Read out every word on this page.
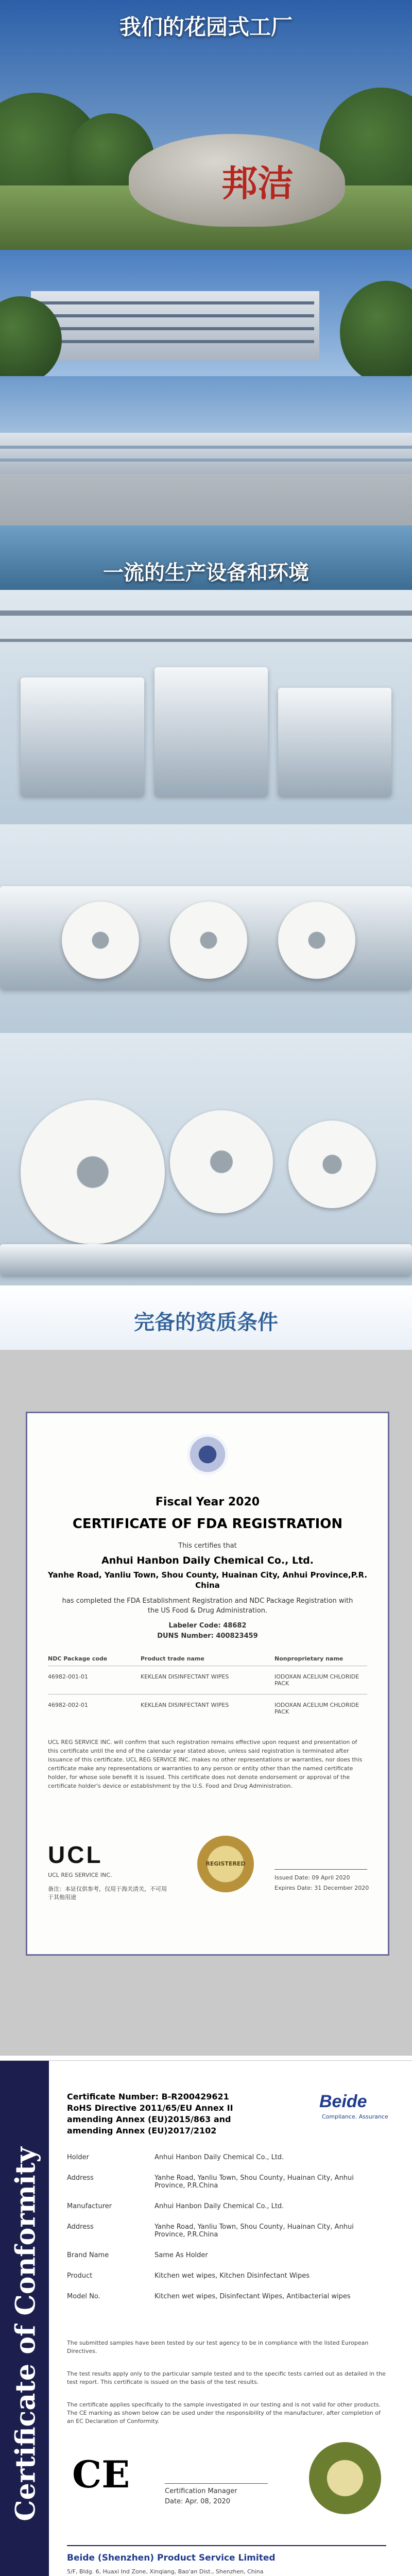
我们的花园式工厂
邦洁
一流的生产设备和环境
完备的资质条件
Fiscal Year 2020
CERTIFICATE OF FDA REGISTRATION
This certifies that
Anhui Hanbon Daily Chemical Co., Ltd.
Yanhe Road, Yanliu Town, Shou County, Huainan City, Anhui Province,P.R.
China
has completed the FDA Establishment Registration and NDC Package Registration with the US Food & Drug Administration.
Labeler Code: 48682
DUNS Number: 400823459
NDC Package code	Product trade name	Nonproprietary name
46982-001-01	KEKLEAN DISINFECTANT WIPES	IODOXAN ACELIUM CHLORIDE PACK
46982-002-01	KEKLEAN DISINFECTANT WIPES	IODOXAN ACELIUM CHLORIDE PACK
UCL REG SERVICE INC. will confirm that such registration remains effective upon request and presentation of this certificate until the end of the calendar year stated above, unless said registration is terminated after issuance of this certificate. UCL REG SERVICE INC. makes no other representations or warranties, nor does this certificate make any representations or warranties to any person or entity other than the named certificate holder, for whose sole benefit it is issued. This certificate does not denote endorsement or approval of the certificate holder's device or establishment by the U.S. Food and Drug Administration.
UCL
UCL REG SERVICE INC.
备注：本证仅供参考，仅用于海关清关，不可用于其他用途
REGISTERED
Issued Date: 09 April 2020
Expires Date: 31 December 2020
Certificate of Conformity
Certificate Number: B-R200429621
RoHS Directive 2011/65/EU Annex II
amending Annex (EU)2015/863 and
amending Annex (EU)2017/2102
Beide
Compliance. Assurance
Holder	Anhui Hanbon Daily Chemical Co., Ltd.
Address	Yanhe Road, Yanliu Town, Shou County, Huainan City, Anhui Province, P.R.China
Manufacturer	Anhui Hanbon Daily Chemical Co., Ltd.
Address	Yanhe Road, Yanliu Town, Shou County, Huainan City, Anhui Province, P.R.China
Brand Name	Same As Holder
Product	Kitchen wet wipes, Kitchen Disinfectant Wipes
Model No.	Kitchen wet wipes, Disinfectant Wipes, Antibacterial wipes
The submitted samples have been tested by our test agency to be in compliance with the listed European Directives.
The test results apply only to the particular sample tested and to the specific tests carried out as detailed in the test report. This certificate is issued on the basis of the test results.
The certificate applies specifically to the sample investigated in our testing and is not valid for other products. The CE marking as shown below can be used under the responsibility of the manufacturer, after completion of an EC Declaration of Conformity.
CE	Certification Manager
Date: Apr. 08, 2020
Beide (Shenzhen) Product Service Limited
5/F, Bldg. 6, Huaxi Ind Zone, Xinqiang, Bao'an Dist., Shenzhen, China
